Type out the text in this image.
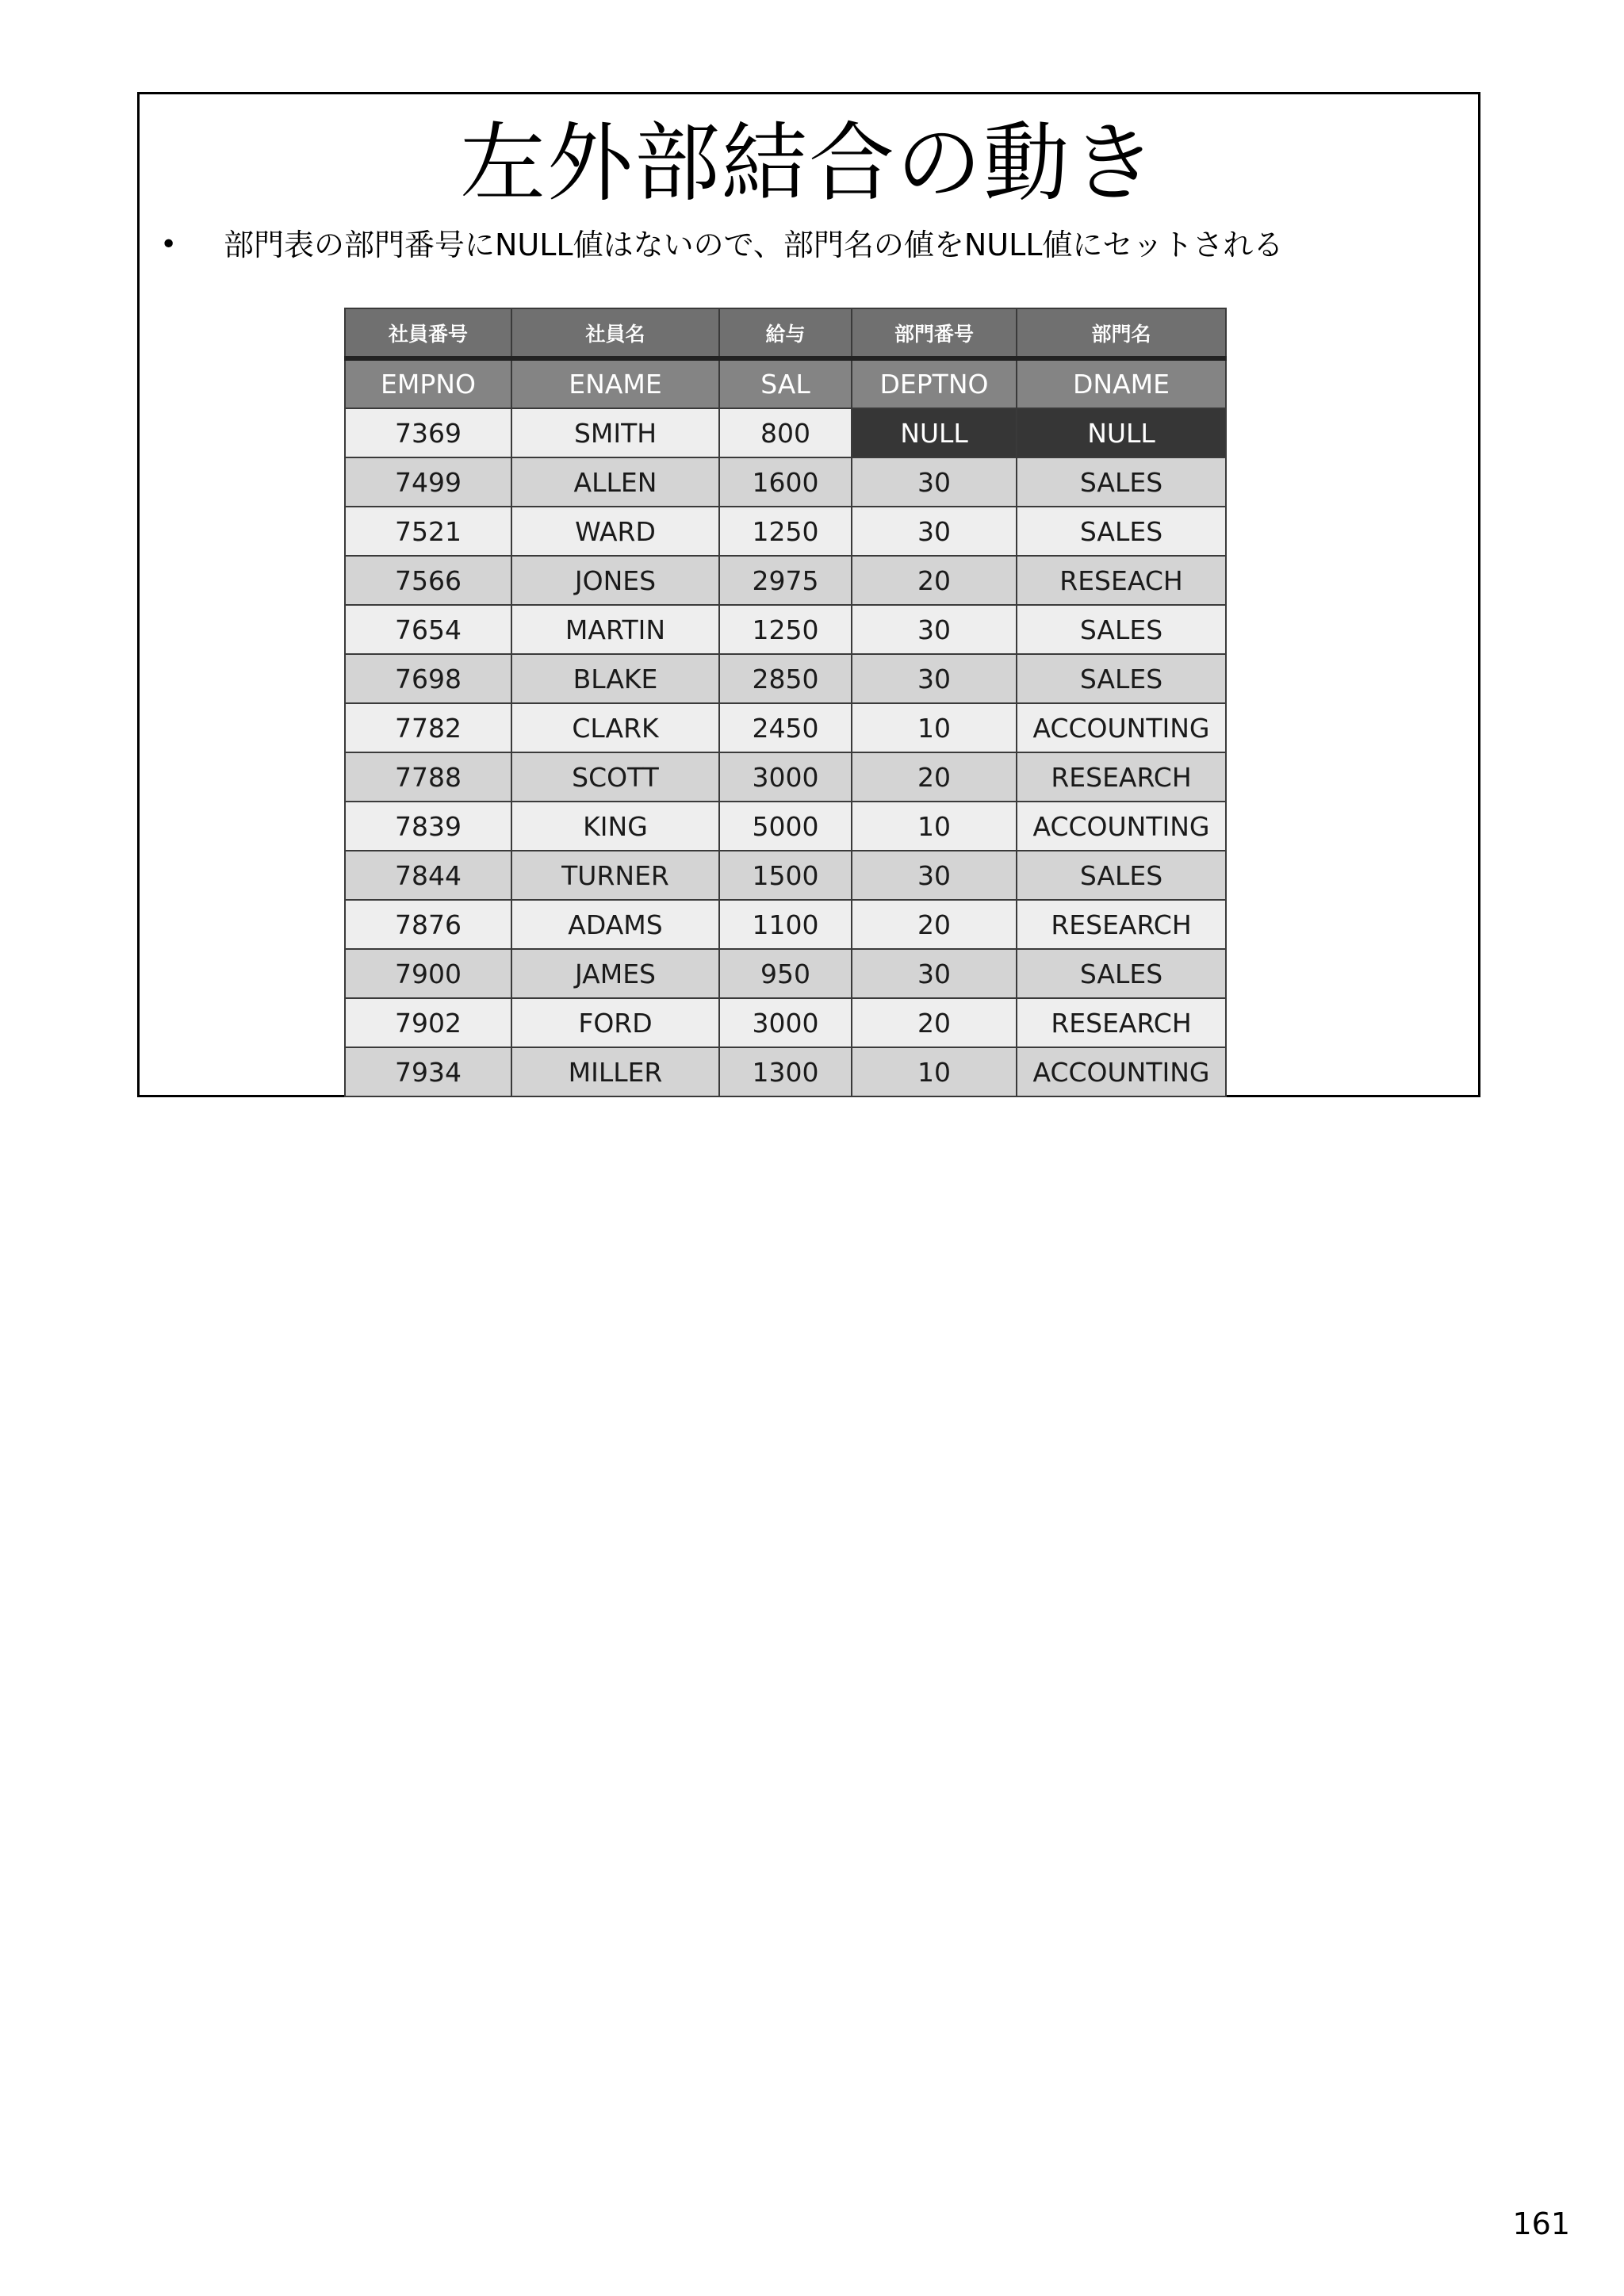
左外部結合の動き
•	部門表の部門番号にNULL値はないので、部門名の値をNULL値にセットされる
社員番号	社員名	給与	部門番号	部門名
EMPNO	ENAME	SAL	DEPTNO	DNAME
7369	SMITH	800	NULL	NULL
7499	ALLEN	1600	30	SALES
7521	WARD	1250	30	SALES
7566	JONES	2975	20	RESEACH
7654	MARTIN	1250	30	SALES
7698	BLAKE	2850	30	SALES
7782	CLARK	2450	10	ACCOUNTING
7788	SCOTT	3000	20	RESEARCH
7839	KING	5000	10	ACCOUNTING
7844	TURNER	1500	30	SALES
7876	ADAMS	1100	20	RESEARCH
7900	JAMES	950	30	SALES
7902	FORD	3000	20	RESEARCH
7934	MILLER	1300	10	ACCOUNTING
161
